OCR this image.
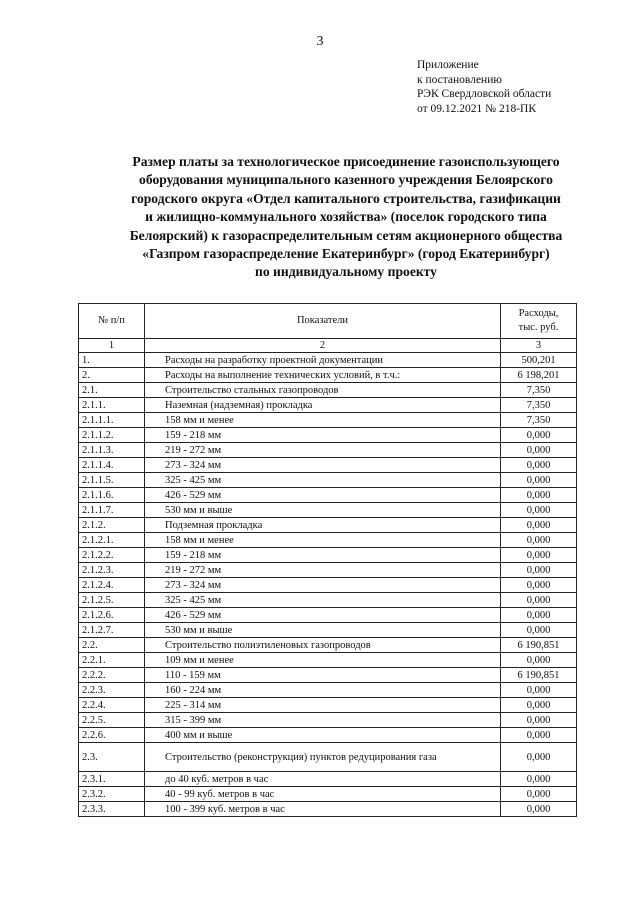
3
Приложение
к постановлению
РЭК Свердловской области
от 09.12.2021 № 218-ПК
Размер платы за технологическое присоединение газоиспользующего
оборудования муниципального казенного учреждения Белоярского
городского округа «Отдел капитального строительства, газификации
и жилищно-коммунального хозяйства» (поселок городского типа
Белоярский) к газораспределительным сетям акционерного общества
«Газпром газораспределение Екатеринбург» (город Екатеринбург)
по индивидуальному проекту
№ п/п	Показатели	Расходы,
тыс. руб.
1	2	3
1.	Расходы на разработку проектной документации	500,201
2.	Расходы на выполнение технических условий, в т.ч.:	6 198,201
2.1.	Строительство стальных газопроводов	7,350
2.1.1.	Наземная (надземная) прокладка	7,350
2.1.1.1.	158 мм и менее	7,350
2.1.1.2.	159 - 218 мм	0,000
2.1.1.3.	219 - 272 мм	0,000
2.1.1.4.	273 - 324 мм	0,000
2.1.1.5.	325 - 425 мм	0,000
2.1.1.6.	426 - 529 мм	0,000
2.1.1.7.	530 мм и выше	0,000
2.1.2.	Подземная прокладка	0,000
2.1.2.1.	158 мм и менее	0,000
2.1.2.2.	159 - 218 мм	0,000
2.1.2.3.	219 - 272 мм	0,000
2.1.2.4.	273 - 324 мм	0,000
2.1.2.5.	325 - 425 мм	0,000
2.1.2.6.	426 - 529 мм	0,000
2.1.2.7.	530 мм и выше	0,000
2.2.	Строительство полиэтиленовых газопроводов	6 190,851
2.2.1.	109 мм и менее	0,000
2.2.2.	110 - 159 мм	6 190,851
2.2.3.	160 - 224 мм	0,000
2.2.4.	225 - 314 мм	0,000
2.2.5.	315 - 399 мм	0,000
2.2.6.	400 мм и выше	0,000
2.3.	Строительство (реконструкция) пунктов редуцирования газа	0,000
2.3.1.	до 40 куб. метров в час	0,000
2.3.2.	40 - 99 куб. метров в час	0,000
2.3.3.	100 - 399 куб. метров в час	0,000
